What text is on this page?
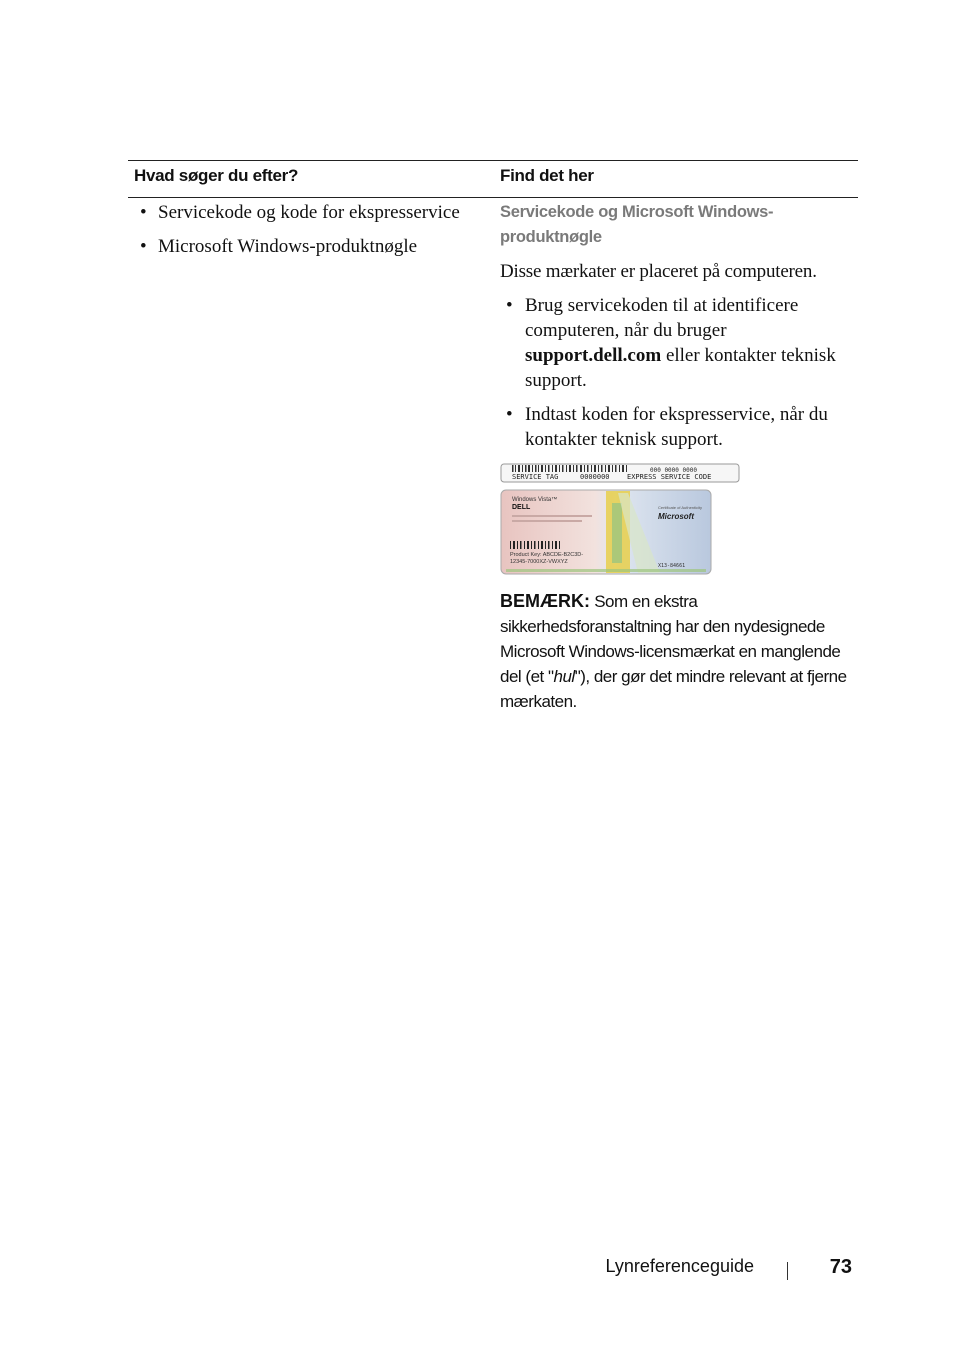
Hvad søger du efter?	Find det her
• Servicekode og kode for ekspresservice
• Microsoft Windows-produktnøgle
Servicekode og Microsoft Windows-produktnøgle
Disse mærkater er placeret på computeren.
• Brug servicekoden til at identificere computeren, når du bruger support.dell.com eller kontakter teknisk support.
• Indtast koden for ekspresservice, når du kontakter teknisk support.
SERVICE TAG	0000000
000 0000 0000
EXPRESS SERVICE CODE
Windows Vista™
DELL
Product Key: ABCDE-B2C3D-
12345-7000XZ-VWXYZ
Certificate of Authenticity
Microsoft
X13-84661
BEMÆRK: Som en ekstra sikkerhedsforanstaltning har den nydesignede Microsoft Windows-licensmærkat en manglende del (et "hul"), der gør det mindre relevant at fjerne mærkaten.
Lynreferenceguide	73
